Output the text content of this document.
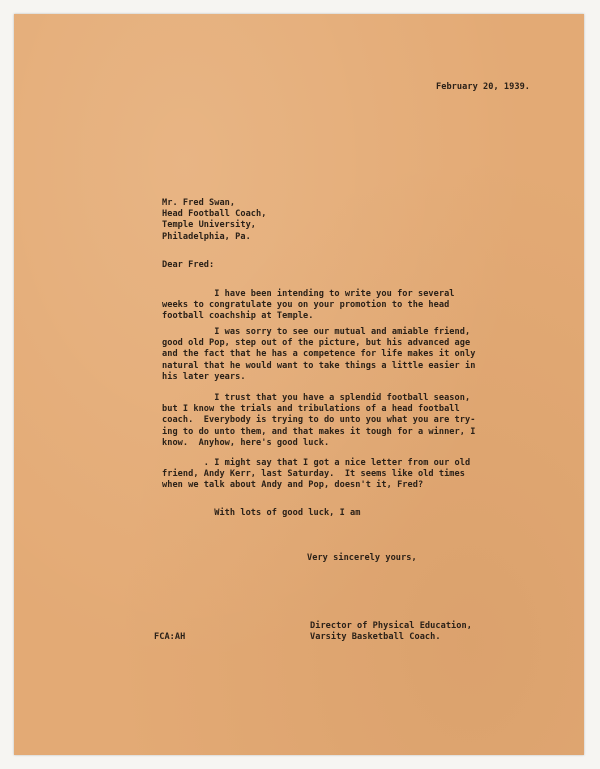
February 20, 1939.
Mr. Fred Swan,
Head Football Coach,
Temple University,
Philadelphia, Pa.
Dear Fred:
I have been intending to write you for several
weeks to congratulate you on your promotion to the head
football coachship at Temple.
I was sorry to see our mutual and amiable friend,
good old Pop, step out of the picture, but his advanced age
and the fact that he has a competence for life makes it only
natural that he would want to take things a little easier in
his later years.
I trust that you have a splendid football season,
but I know the trials and tribulations of a head football
coach.  Everybody is trying to do unto you what you are try-
ing to do unto them, and that makes it tough for a winner, I
know.  Anyhow, here's good luck.
. I might say that I got a nice letter from our old
friend, Andy Kerr, last Saturday.  It seems like old times
when we talk about Andy and Pop, doesn't it, Fred?
With lots of good luck, I am
Very sincerely yours,
Director of Physical Education,
Varsity Basketball Coach.
FCA:AH
